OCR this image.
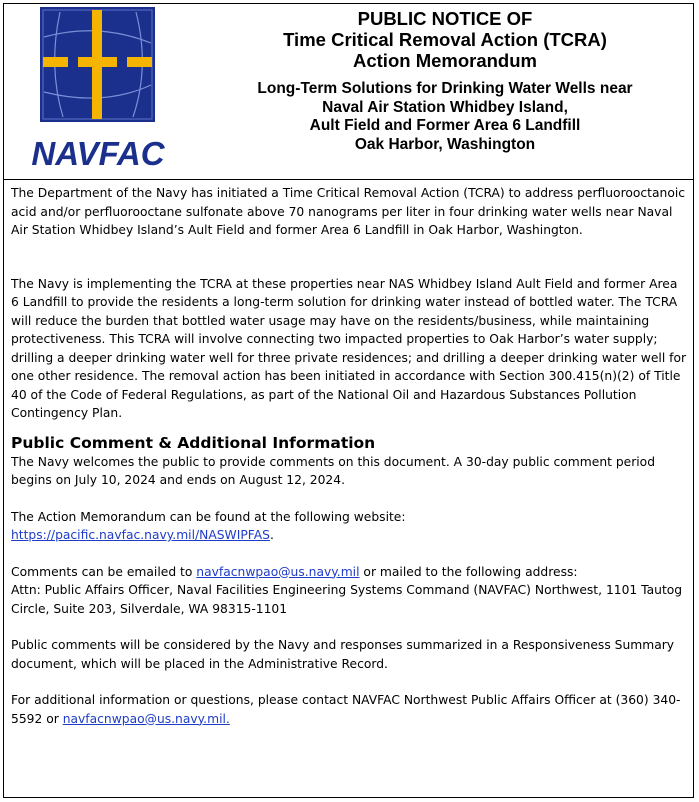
NAVFAC
PUBLIC NOTICE OF
Time Critical Removal Action (TCRA)
Action Memorandum
Long-Term Solutions for Drinking Water Wells near
Naval Air Station Whidbey Island,
Ault Field and Former Area 6 Landfill
Oak Harbor, Washington

The Department of the Navy has initiated a Time Critical Removal Action (TCRA) to address perfluorooctanoic acid and/or perfluorooctane sulfonate above 70 nanograms per liter in four drinking water wells near Naval Air Station Whidbey Island’s Ault Field and former Area 6 Landfill in Oak Harbor, Washington.

The Navy is implementing the TCRA at these properties near NAS Whidbey Island Ault Field and former Area 6 Landfill to provide the residents a long-term solution for drinking water instead of bottled water. The TCRA will reduce the burden that bottled water usage may have on the residents/business, while maintaining protectiveness. This TCRA will involve connecting two impacted properties to Oak Harbor’s water supply; drilling a deeper drinking water well for three private residences; and drilling a deeper drinking water well for one other residence. The removal action has been initiated in accordance with Section 300.415(n)(2) of Title 40 of the Code of Federal Regulations, as part of the National Oil and Hazardous Substances Pollution Contingency Plan.

Public Comment & Additional Information

The Navy welcomes the public to provide comments on this document. A 30-day public comment period begins on July 10, 2024 and ends on August 12, 2024.

The Action Memorandum can be found at the following website:
https://pacific.navfac.navy.mil/NASWIPFAS.

Comments can be emailed to navfacnwpao@us.navy.mil or mailed to the following address:
Attn: Public Affairs Officer, Naval Facilities Engineering Systems Command (NAVFAC) Northwest, 1101 Tautog Circle, Suite 203, Silverdale, WA 98315-1101

Public comments will be considered by the Navy and responses summarized in a Responsiveness Summary document, which will be placed in the Administrative Record.

For additional information or questions, please contact NAVFAC Northwest Public Affairs Officer at (360) 340-5592 or navfacnwpao@us.navy.mil.
